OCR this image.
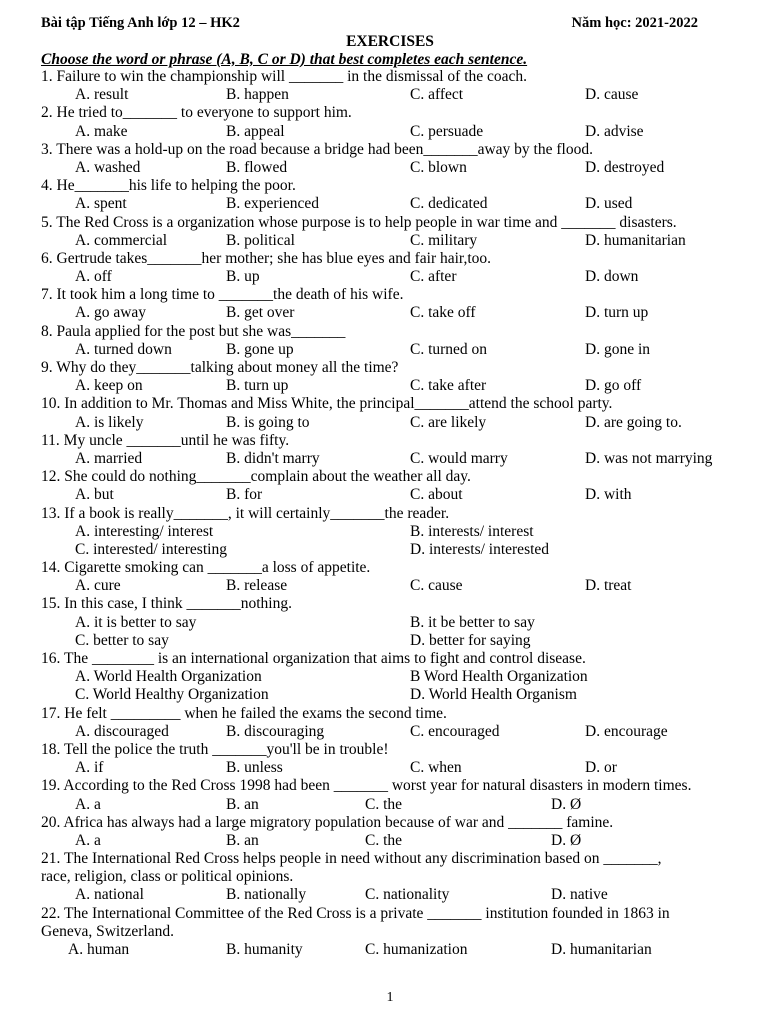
Bài tập Tiếng Anh lớp 12 – HK2	Năm học: 2021-2022
EXERCISES
Choose the word or phrase (A, B, C or D) that best completes each sentence.
1. Failure to win the championship will _______ in the dismissal of the coach.
A. result	B. happen	C. affect	D. cause
2. He tried to_______ to everyone to support him.
A. make	B. appeal	C. persuade	D. advise
3. There was a hold-up on the road because a bridge had been_______away by the flood.
A. washed	B. flowed	C. blown	D. destroyed
4. He_______his life to helping the poor.
A. spent	B. experienced	C. dedicated	D. used
5. The Red Cross is a organization whose purpose is to help people in war time and _______ disasters.
A. commercial	B. political	C. military	D. humanitarian
6. Gertrude takes_______her mother; she has blue eyes and fair hair,too.
A. off	B. up	C. after	D. down
7. It took him a long time to _______the death of his wife.
A. go away	B. get over	C. take off	D. turn up
8. Paula applied for the post but she was_______
A. turned down	B. gone up	C. turned on	D. gone in
9. Why do they_______talking about money all the time?
A. keep on	B. turn up	C. take after	D. go off
10. In addition to Mr. Thomas and Miss White, the principal_______attend the school party.
A. is likely	B. is going to	C. are likely	D. are going to.
11. My uncle _______until he was fifty.
A. married	B. didn't marry	C. would marry	D. was not marrying
12. She could do nothing_______complain about the weather all day.
A. but	B. for	C. about	D. with
13. If a book is really_______, it will certainly_______the reader.
A. interesting/ interest	B. interests/ interest
C. interested/ interesting	D. interests/ interested
14. Cigarette smoking can _______a loss of appetite.
A. cure	B. release	C. cause	D. treat
15. In this case, I think _______nothing.
A. it is better to say	B. it be better to say
C. better to say	D. better for saying
16. The ________ is an international organization that aims to fight and control disease.
A. World Health Organization	B Word Health Organization
C. World Healthy Organization	D. World Health Organism
17. He felt _________ when he failed the exams the second time.
A. discouraged	B. discouraging	C. encouraged	D. encourage
18. Tell the police the truth _______you'll be in trouble!
A. if	B. unless	C. when	D. or
19. According to the Red Cross 1998 had been _______ worst year for natural disasters in modern times.
A. a	B. an	C. the	D. Ø
20. Africa has always had a large migratory population because of war and _______ famine.
A. a	B. an	C. the	D. Ø
21. The International Red Cross helps people in need without any discrimination based on _______,
race, religion, class or political opinions.
A. national	B. nationally	C. nationality	D. native
22. The International Committee of the Red Cross is a private _______ institution founded in 1863 in
Geneva, Switzerland.
A. human	B. humanity	C. humanization	D. humanitarian
1
